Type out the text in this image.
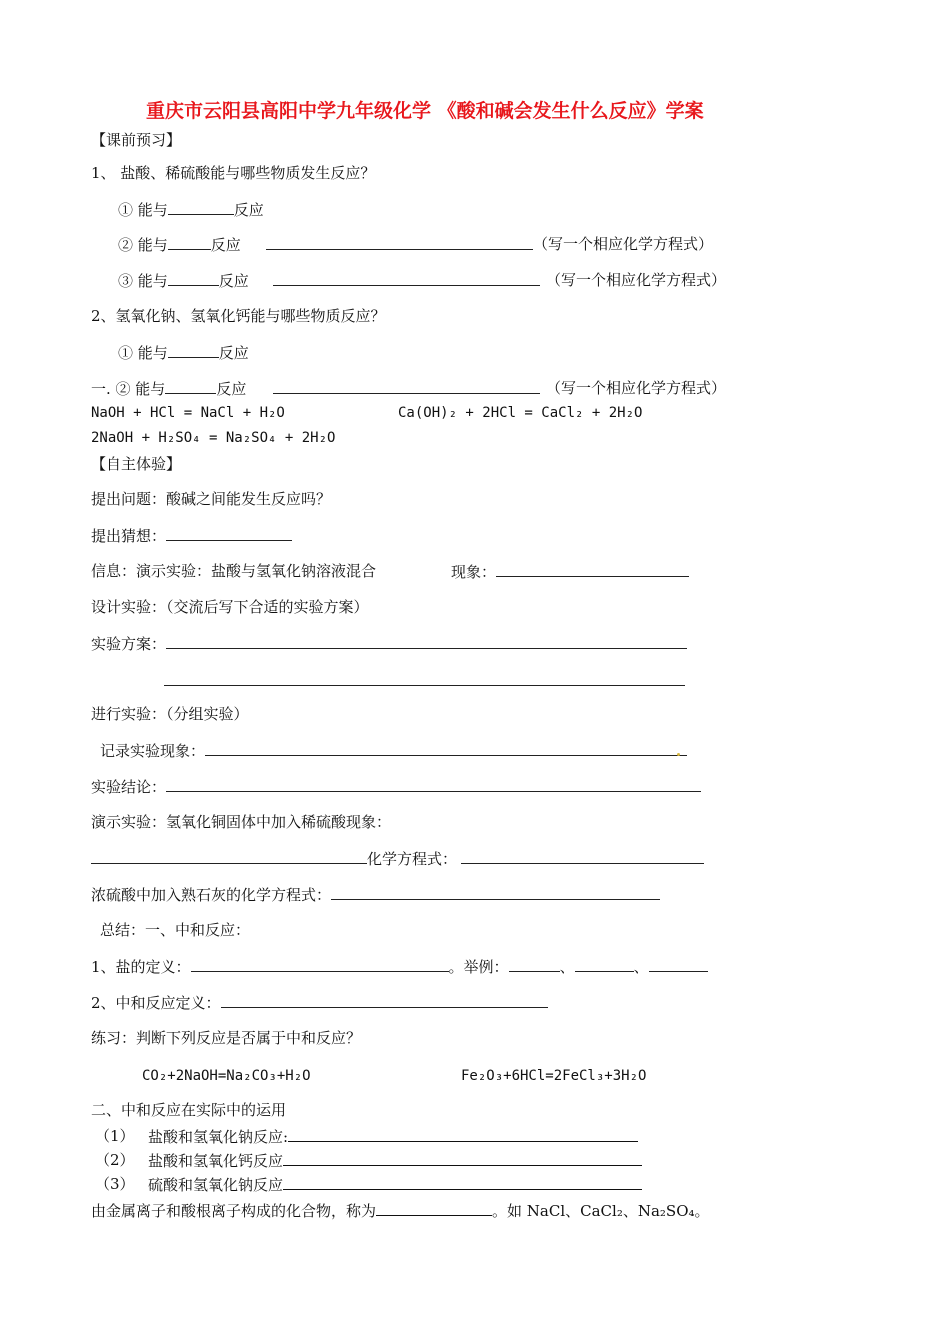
重庆市云阳县高阳中学九年级化学 《酸和碱会发生什么反应》学案
【课前预习】
1、 盐酸、稀硫酸能与哪些物质发生反应？
① 能与	反应
② 能与	反应	（写一个相应化学方程式）
③ 能与	反应	（写一个相应化学方程式）
2、氢氧化钠、氢氧化钙能与哪些物质反应？
① 能与	反应
一. ② 能与	反应	（写一个相应化学方程式）
NaOH + HCl = NaCl + H₂O	Ca(OH)₂ + 2HCl = CaCl₂ + 2H₂O
2NaOH + H₂SO₄ = Na₂SO₄ + 2H₂O
【自主体验】
提出问题：酸碱之间能发生反应吗？
提出猜想：
信息：演示实验：盐酸与氢氧化钠溶液混合	现象：
设计实验：（交流后写下合适的实验方案）
实验方案：
进行实验：（分组实验）
记录实验现象：
实验结论：
演示实验：氢氧化铜固体中加入稀硫酸现象：
化学方程式：
浓硫酸中加入熟石灰的化学方程式：
总结：一、中和反应：
1、盐的定义：	。举例：	、	、
2、中和反应定义：
练习：判断下列反应是否属于中和反应？
CO₂+2NaOH=Na₂CO₃+H₂O	Fe₂O₃+6HCl=2FeCl₃+3H₂O
二、中和反应在实际中的运用
（1） 盐酸和氢氧化钠反应:
（2） 盐酸和氢氧化钙反应
（3） 硫酸和氢氧化钠反应
由金属离子和酸根离子构成的化合物，称为	。如 NaCl、CaCl₂、Na₂SO₄。
